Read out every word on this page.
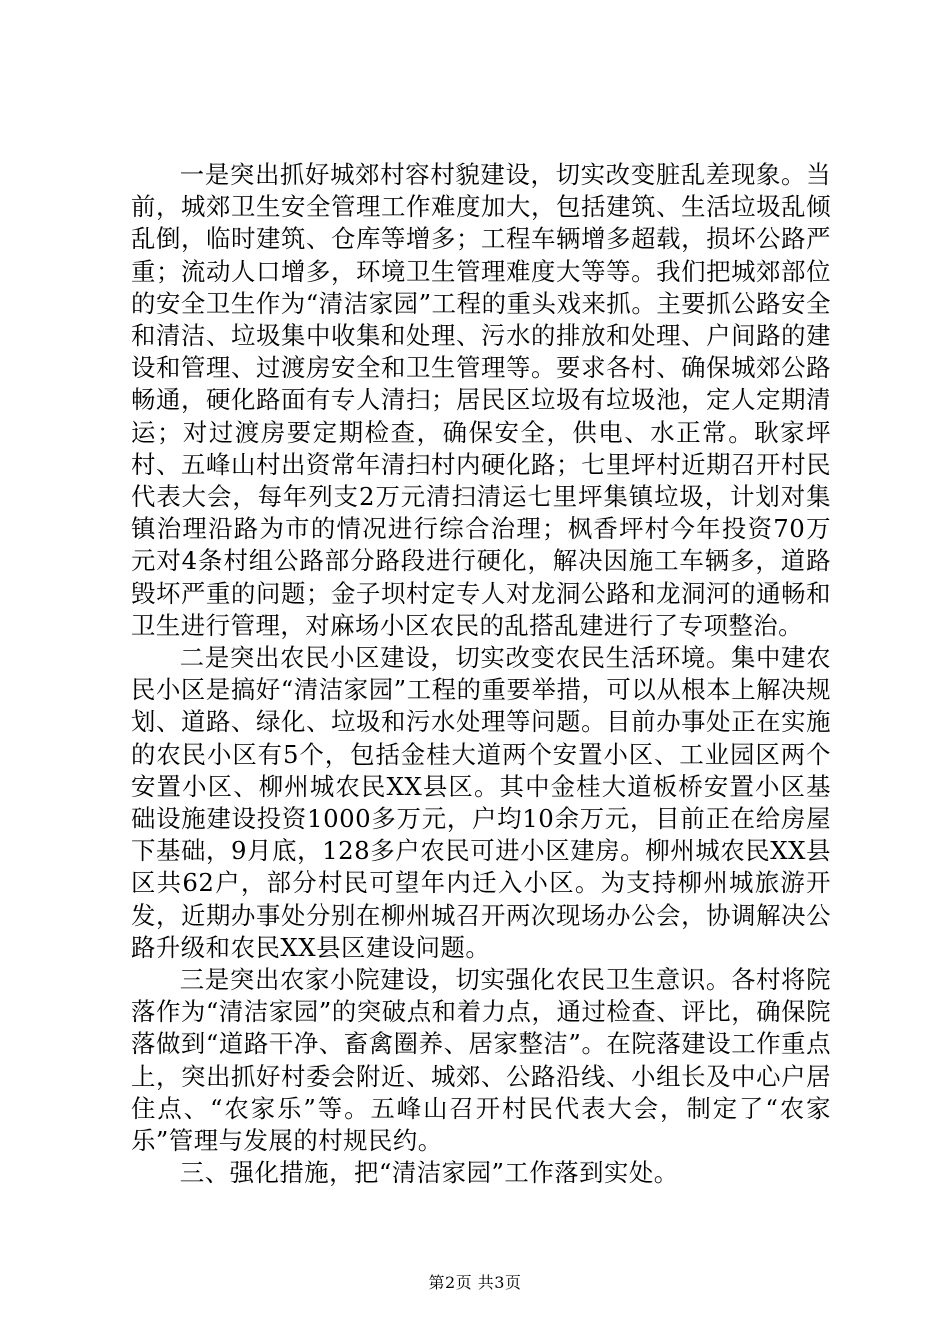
一是突出抓好城郊村容村貌建设，切实改变脏乱差现象。当前，城郊卫生安全管理工作难度加大，包括建筑、生活垃圾乱倾乱倒，临时建筑、仓库等增多；工程车辆增多超载，损坏公路严重；流动人口增多，环境卫生管理难度大等等。我们把城郊部位的安全卫生作为“清洁家园”工程的重头戏来抓。主要抓公路安全和清洁、垃圾集中收集和处理、污水的排放和处理、户间路的建设和管理、过渡房安全和卫生管理等。要求各村、确保城郊公路畅通，硬化路面有专人清扫；居民区垃圾有垃圾池，定人定期清运；对过渡房要定期检查，确保安全，供电、水正常。耿家坪村、五峰山村出资常年清扫村内硬化路；七里坪村近期召开村民代表大会，每年列支2万元清扫清运七里坪集镇垃圾，计划对集镇治理沿路为市的情况进行综合治理；枫香坪村今年投资70万元对4条村组公路部分路段进行硬化，解决因施工车辆多，道路毁坏严重的问题；金子坝村定专人对龙洞公路和龙洞河的通畅和卫生进行管理，对麻场小区农民的乱搭乱建进行了专项整治。

二是突出农民小区建设，切实改变农民生活环境。集中建农民小区是搞好“清洁家园”工程的重要举措，可以从根本上解决规划、道路、绿化、垃圾和污水处理等问题。目前办事处正在实施的农民小区有5个，包括金桂大道两个安置小区、工业园区两个安置小区、柳州城农民XX县区。其中金桂大道板桥安置小区基础设施建设投资1000多万元，户均10余万元，目前正在给房屋下基础，9月底，128多户农民可进小区建房。柳州城农民XX县区共62户，部分村民可望年内迁入小区。为支持柳州城旅游开发，近期办事处分别在柳州城召开两次现场办公会，协调解决公路升级和农民XX县区建设问题。

三是突出农家小院建设，切实强化农民卫生意识。各村将院落作为“清洁家园”的突破点和着力点，通过检查、评比，确保院落做到“道路干净、畜禽圈养、居家整洁”。在院落建设工作重点上，突出抓好村委会附近、城郊、公路沿线、小组长及中心户居住点、“农家乐”等。五峰山召开村民代表大会，制定了“农家乐”管理与发展的村规民约。

三、强化措施，把“清洁家园”工作落到实处。

第2页 共3页
